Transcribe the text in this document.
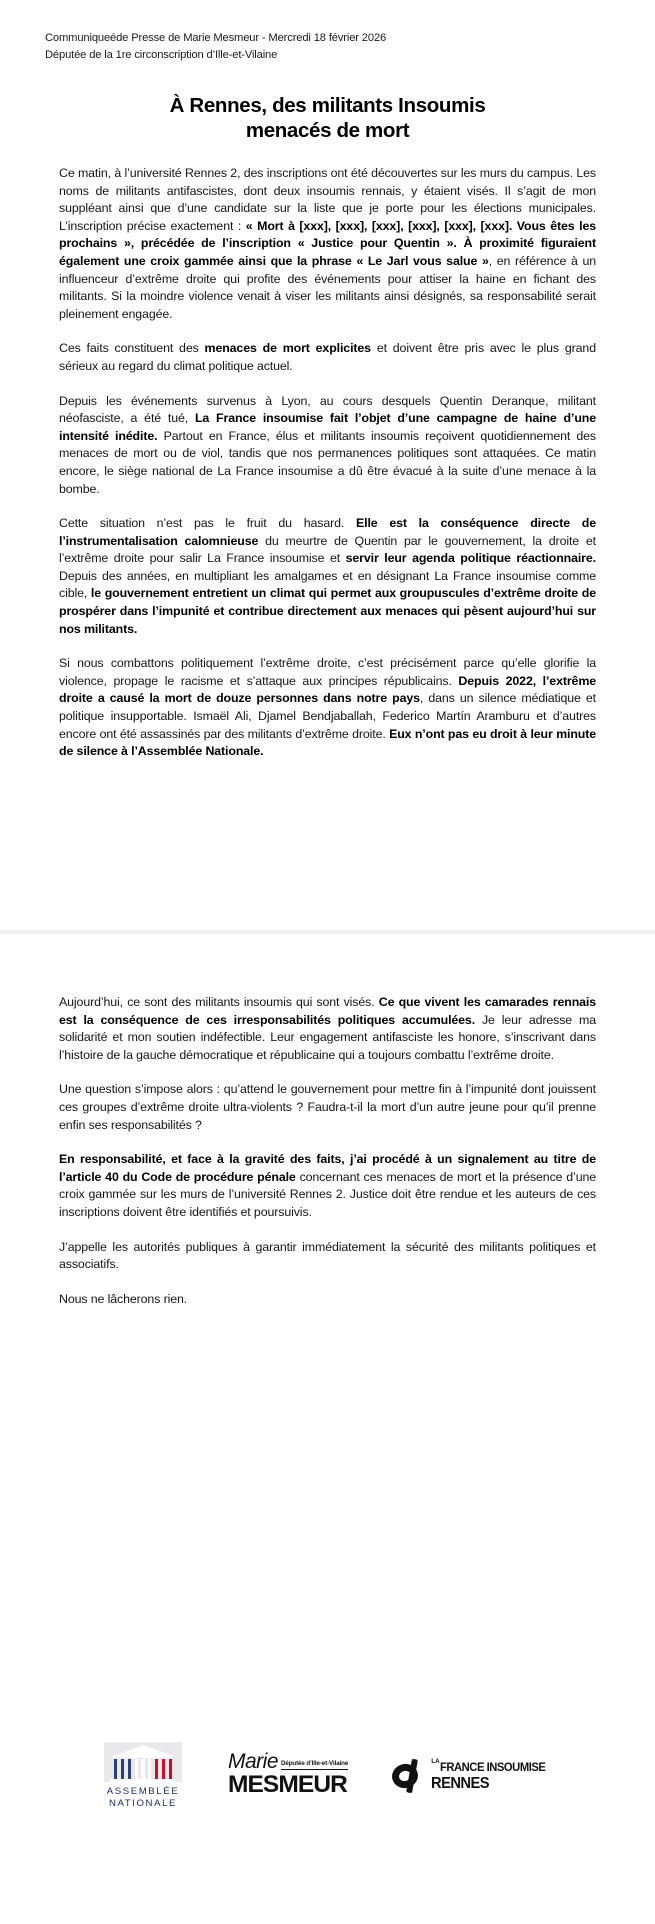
Communiqueéde Presse de Marie Mesmeur - Mercredi 18 février 2026
Députée de la 1re circonscription d’Ille-et-Vilaine
À Rennes, des militants Insoumis
menacés de mort

Ce matin, à l’université Rennes 2, des inscriptions ont été découvertes sur les murs du campus. Les noms de militants antifascistes, dont deux insoumis rennais, y étaient visés. Il s’agit de mon suppléant ainsi que d’une candidate sur la liste que je porte pour les élections municipales. L’inscription précise exactement : « Mort à [xxx], [xxx], [xxx], [xxx], [xxx], [xxx]. Vous êtes les prochains », précédée de l’inscription « Justice pour Quentin ». À proximité figuraient également une croix gammée ainsi que la phrase « Le Jarl vous salue », en référence à un influenceur d’extrême droite qui profite des événements pour attiser la haine en fichant des militants. Si la moindre violence venait à viser les militants ainsi désignés, sa responsabilité serait pleinement engagée.

Ces faits constituent des menaces de mort explicites et doivent être pris avec le plus grand sérieux au regard du climat politique actuel.

Depuis les événements survenus à Lyon, au cours desquels Quentin Deranque, militant néofasciste, a été tué, La France insoumise fait l’objet d’une campagne de haine d’une intensité inédite. Partout en France, élus et militants insoumis reçoivent quotidiennement des menaces de mort ou de viol, tandis que nos permanences politiques sont attaquées. Ce matin encore, le siège national de La France insoumise a dû être évacué à la suite d’une menace à la bombe.

Cette situation n’est pas le fruit du hasard. Elle est la conséquence directe de l’instrumentalisation calomnieuse du meurtre de Quentin par le gouvernement, la droite et l’extrême droite pour salir La France insoumise et servir leur agenda politique réactionnaire. Depuis des années, en multipliant les amalgames et en désignant La France insoumise comme cible, le gouvernement entretient un climat qui permet aux groupuscules d’extrême droite de prospérer dans l’impunité et contribue directement aux menaces qui pèsent aujourd’hui sur nos militants.

Si nous combattons politiquement l’extrême droite, c’est précisément parce qu’elle glorifie la violence, propage le racisme et s’attaque aux principes républicains. Depuis 2022, l’extrême droite a causé la mort de douze personnes dans notre pays, dans un silence médiatique et politique insupportable. Ismaël Ali, Djamel Bendjaballah, Federico Martín Aramburu et d’autres encore ont été assassinés par des militants d’extrême droite. Eux n’ont pas eu droit à leur minute de silence à l’Assemblée Nationale.

Aujourd’hui, ce sont des militants insoumis qui sont visés. Ce que vivent les camarades rennais est la conséquence de ces irresponsabilités politiques accumulées. Je leur adresse ma solidarité et mon soutien indéfectible. Leur engagement antifasciste les honore, s’inscrivant dans l’histoire de la gauche démocratique et républicaine qui a toujours combattu l’extrême droite.

Une question s’impose alors : qu’attend le gouvernement pour mettre fin à l’impunité dont jouissent ces groupes d’extrême droite ultra-violents ? Faudra-t-il la mort d’un autre jeune pour qu’il prenne enfin ses responsabilités ?

En responsabilité, et face à la gravité des faits, j’ai procédé à un signalement au titre de l’article 40 du Code de procédure pénale concernant ces menaces de mort et la présence d’une croix gammée sur les murs de l’université Rennes 2. Justice doit être rendue et les auteurs de ces inscriptions doivent être identifiés et poursuivis.

J’appelle les autorités publiques à garantir immédiatement la sécurité des militants politiques et associatifs.

Nous ne lâcherons rien.

ASSEMBLÉE
NATIONALE
Marie Députée d’Ille-et-Vilaine
MESMEUR
LAFRANCE INSOUMISE
RENNES
